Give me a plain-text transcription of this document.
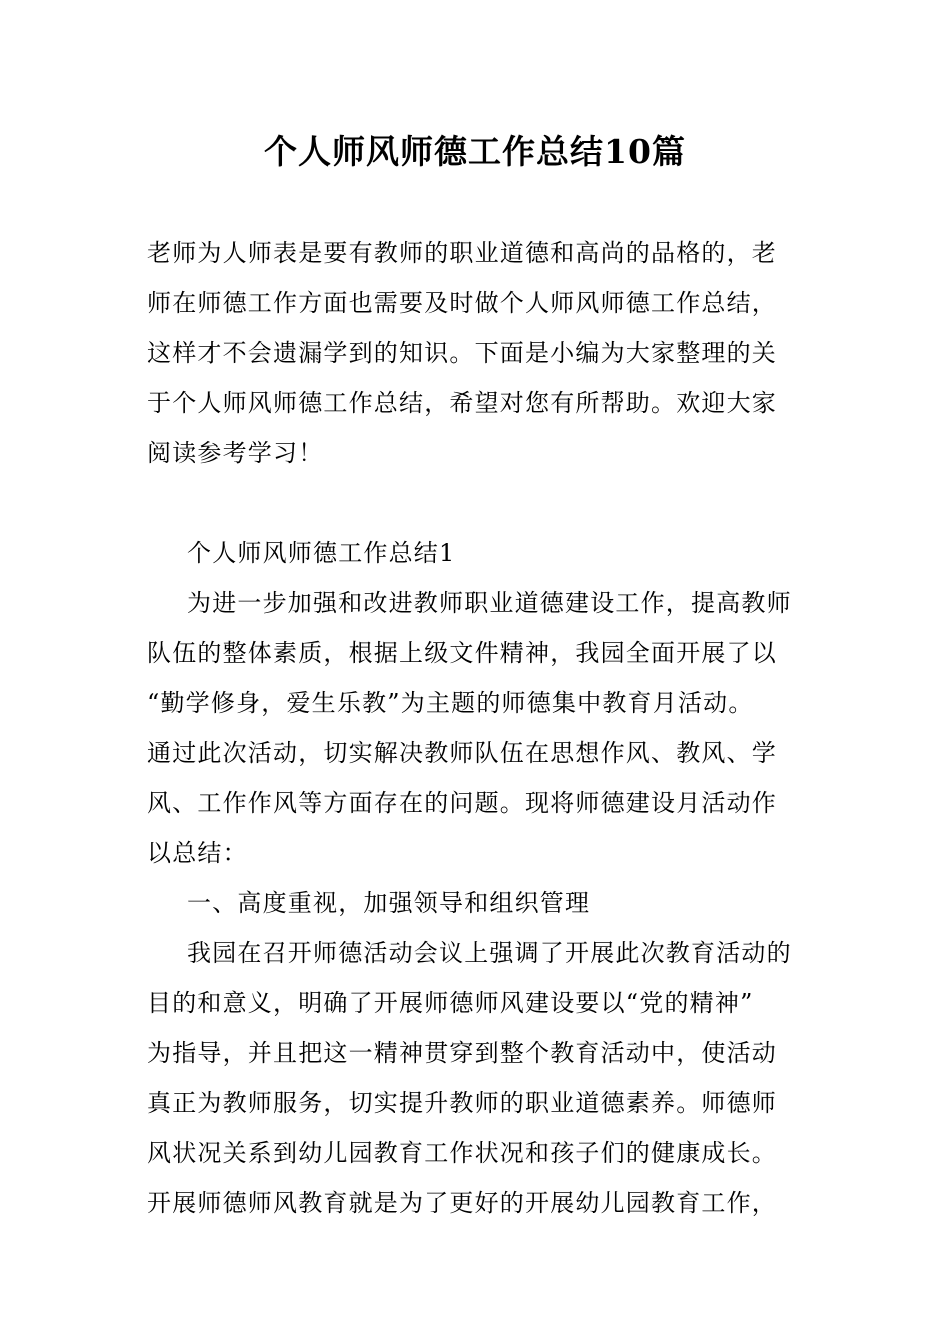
个人师风师德工作总结10篇
老师为人师表是要有教师的职业道德和高尚的品格的，老
师在师德工作方面也需要及时做个人师风师德工作总结，
这样才不会遗漏学到的知识。下面是小编为大家整理的关
于个人师风师德工作总结，希望对您有所帮助。欢迎大家
阅读参考学习！
个人师风师德工作总结1
为进一步加强和改进教师职业道德建设工作，提高教师
队伍的整体素质，根据上级文件精神，我园全面开展了以
“勤学修身，爱生乐教”为主题的师德集中教育月活动。
通过此次活动，切实解决教师队伍在思想作风、教风、学
风、工作作风等方面存在的问题。现将师德建设月活动作
以总结：
一、高度重视，加强领导和组织管理
我园在召开师德活动会议上强调了开展此次教育活动的
目的和意义，明确了开展师德师风建设要以“党的精神”
为指导，并且把这一精神贯穿到整个教育活动中，使活动
真正为教师服务，切实提升教师的职业道德素养。师德师
风状况关系到幼儿园教育工作状况和孩子们的健康成长。
开展师德师风教育就是为了更好的开展幼儿园教育工作，
